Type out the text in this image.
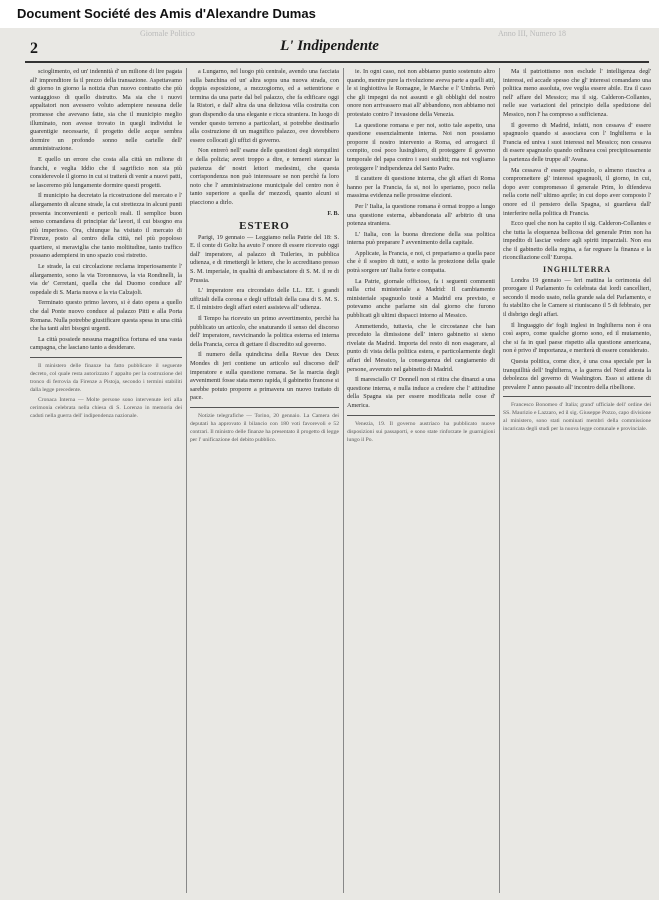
Document Société des Amis d'Alexandre Dumas
Giornale Politico	Anno III, Numero 18
2	L' Indipendente

scioglimento, ed un' indennità d' un milione di lire pagata all' imprenditore fa il prezzo della transazione. Aspettavamo di giorno in giorno la notizia d'un nuovo contratto che più vantaggioso di quello distrutto. Ma sia che i nuovi appaltatori non avessero voluto adempiere nessuna delle promesse che avevano fatte, sia che il municipio meglio illuminato, non avesse trovato in quegli individui le guarentigie necessarie, il progetto delle acque sembra dormire un profondo sonno nelle cartelle dell' amministrazione.

E quello un errore che costa alla città un milione di franchi, e veglia Iddio che il sagrificio non sia più considerevole il giorno in cui si tratterà di venir a nuovi patti, se lasceremo più lungamente dormire questi progetti.

Il municipio ha decretato la ricostruzione del mercato e l' allargamento di alcune strade, la cui strettezza in alcuni punti presenta inconvenienti e pericoli reali. Il semplice buon senso comandava di principiar da' lavori, il cui bisogno era più imperioso. Ora, chiunque ha visitato il mercato di Firenze, posto al centro della città, nel più popoloso quartiere, si meraviglia che tanto moltitudine, tanto traffico possano adempiersi in uno spazio così ristretto.

Le strade, la cui circolazione reclama imperiosamente l' allargamento, sono la via Toronnuova, la via Rondinelli, la via de' Cerretani, quella che dal Duomo conduce all' ospedale di S. Maria nuova e la via Calzajoli.

Terminato questo primo lavoro, si è dato opera a quello che dal Ponte nuovo conduce al palazzo Pitti e alla Porta Romana. Nulla potrebbe giustificare questa spesa in una città che ha tanti altri bisogni urgenti.

La città possiede nessuna magnifica fortuna ed una vasta campagna, che lasciano tanto a desiderare.

Il ministero delle finanze ha fatto pubblicare il seguente decreto, col quale resta autorizzato l' appalto per la costruzione del tronco di ferrovia da Firenze a Pistoja, secondo i termini stabiliti dalla legge precedente.

Cronaca Interna — Molte persone sono intervenute ieri alla cerimonia celebrata nella chiesa di S. Lorenzo in memoria dei caduti nella guerra dell' indipendenza nazionale.

a Lungarno, nel luogo più centrale, avendo una facciata sulla banchina ed un' altra sopra una nuova strada, con doppia esposizione, a mezzogiorno, ed a settentrione e termina da una parte dal bel palazzo, che fa edificare oggi la Ristori, e dall' altra da una deliziosa villa costruita con gran dispendio da una elegante e ricca straniera. In luogo di vender questo terreno a particolari, si potrebbe destinarlo alla costruzione di un magnifico palazzo, ove dovrebbero essere collocati gli uffizi di governo.

Non entrerò nell' esame delle questioni degli sterquilini e della polizia; avrei troppo a dire, e temerei stancar la pazienza de' nostri lettori medesimi, che questa corrispondenza non può interessare se non perchè fa loro noto che l' amministrazione municipale del centro non è tanto superiore a quella de' mezzodì, quanto alcuni si piacciono a dirlo.

F. B.
ESTERO

Parigi, 19 gennaio — Leggiamo nella Patrie del 18: S. E. il conte di Goltz ha avuto l' onore di essere ricevuto oggi dall' imperatore, al palazzo di Tuileries, in pubblica udienza, e di rimettergli le lettere, che lo accreditano presso S. M. imperiale, in qualità di ambasciatore di S. M. il re di Prussia.

L' imperatore era circondato delle LL. EE. i grandi uffiziali della corona e degli uffiziali della casa di S. M. S. E. il ministro degli affari esteri assisteva all' udienza.

Il Tempo ha ricevuto un primo avvertimento, perchè ha pubblicato un articolo, che snaturando il senso del discorso dell' imperatore, ravvicinando la politica esterna ed interna della Francia, cerca di gettare il discredito sul governo.

Il numero della quindicina della Revue des Deux Mondes di jeri contiene un articolo sul discorso dell' imperatore e sulla questione romana. Se la marcia degli avvenimenti fosse stata meno rapida, il gabinetto francese si sarebbe potuto proporre a primavera un nuovo trattato di pace.

Notizie telegrafiche — Torino, 20 gennaio. La Camera dei deputati ha approvato il bilancio con 180 voti favorevoli e 52 contrari. Il ministro delle finanze ha presentato il progetto di legge per l' unificazione del debito pubblico.

ie. In ogni caso, noi non abbiamo punto sostenuto altro quando, mentre pure la rivoluzione aveva parte a quelli atti, le si inghiottiva le Romagne, le Marche e l' Umbria. Però che gli impegni da noi assunti e gli obblighi del nostro onore non arrivassero mai all' abbandono, non abbiamo noi protestato contro l' invasione della Venezia.

La questione romana e per noi, sotto tale aspetto, una questione essenzialmente interna. Noi non possiamo proporre il nostro intervento a Roma, ed arrogarci il compito, così poco lusinghiero, di proteggere il governo temporale del papa contro i suoi sudditi; ma noi vogliamo proteggere l' indipendenza del Santo Padre.

Il carattere di questione interna, che gli affari di Roma hanno per la Francia, fa si, noi lo speriamo, poco nella massima evidenza nelle prossime elezioni.

Per l' Italia, la questione romana è ormai troppo a lungo una questione esterna, abbandonata all' arbitrio di una potenza straniera.

L' Italia, con la buona direzione della sua politica interna può preparare l' avvenimento della capitale.

Applicate, la Francia, e noi, ci prepariamo a quella pace che è il sospiro di tutti, e sotto la protezione della quale potrà sorgere un' Italia forte e compatta.

La Patrie, giornale officioso, fa i seguenti commenti sulla crisi ministeriale a Madrid: Il cambiamento ministeriale spagnuolo testè a Madrid era previsto, e potevamo anche parlarne sin dal giorno che furono pubblicati gli ultimi dispacci intorno al Messico.

Ammettendo, tuttavia, che le circostanze che han preceduto la dimissione dell' intero gabinetto si sieno rivelate da Madrid. Importa del resto di non esagerare, al punto di vista della politica estera, e particolarmente degli affari del Messico, la conseguenza del cangiamento di persone, avvenuto nel gabinetto di Madrid.

Il maresciallo O' Donnell non si ritira che dinanzi a una questione interna, e nulla induce a credere che l' attitudine della Spagna sia per essere modificata nelle cose d' America.

Venezia, 19. Il governo austriaco ha pubblicato nuove disposizioni sui passaporti, e sono state rinforzate le guarnigioni lungo il Po.

Ma il patriottismo non esclude l' intelligenza degl' interessi, ed accade spesso che gl' interessi comandano una politica meno assoluta, ove veglia essere abile. Era il caso nell' affare del Messico; ma il sig. Calderon-Collantes, nelle sue variazioni del principio della spedizione del Messico, non l' ha compreso a sufficienza.

Il governo di Madrid, infatti, non cessava d' essere spagnuolo quando si associava con l' Inghilterra e la Francia ed univa i suoi interessi nel Messico; non cessava di essere spagnuolo quando ordinava così precipitosamente la partenza delle truppe all' Avana.

Ma cessava d' essere spagnuolo, o almeno riusciva a compromettere gl' interessi spagnuoli, il giorno, in cui, dopo aver compromesso il generale Prim, lo difendeva nella corte nell' ultimo aprile; in cui dopo aver composto l' onore ed il pensiero della Spagna, si guardava dall' interferire nella politica di Francia.

Ecco quel che non ha capito il sig. Calderon-Collantes e che tutta la eloquenza bellicosa del generale Prim non ha impedito di lasciar vedere agli spiriti imparziali. Non era che il gabinetto della regina, a far regnare la finanza e la riconciliazione coll' Europa.

INGHILTERRA

Londra 19 gennaio — Ieri mattina la cerimonia del prorogare il Parlamento fu celebrata dai lordi cancellieri, secondo il modo usato, nella grande sala del Parlamento, e fu stabilito che le Camere si riuniscano il 5 di febbraio, per il disbrigo degli affari.

Il linguaggio de' fogli inglesi in Inghilterra non è ora così aspro, come qualche giorno sono, ed il mutamento, che si fa in quel paese rispetto alla questione americana, non è privo d' importanza, e meriterà di essere considerato.

Questa politica, come dice, è una cosa speciale per la tranquillità dell' Inghilterra, e la guerra del Nord attesta la debolezza del governo di Washington. Esso si attiene di prevalere l' anno passato all' incontro della ribellione.

Francesco Bonomeo d' Italia; grand' ufficiale dell' ordine dei SS. Maurizio e Lazzaro, ed il sig. Giuseppe Pozzo, capo divisione al ministero, sono stati nominati membri della commissione incaricata degli studi per la nuova legge comunale e provinciale.
